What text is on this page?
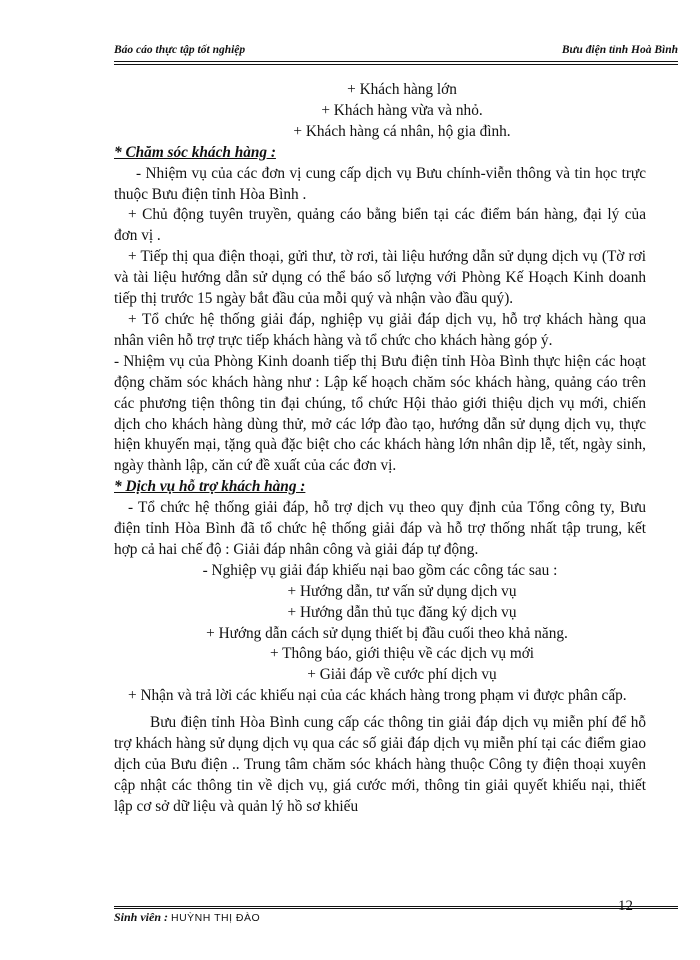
Báo cáo thực tập tốt nghiệp	Bưu điện tỉnh Hoà Bình

+ Khách hàng lớn

+ Khách hàng vừa và nhỏ.

+ Khách hàng cá nhân, hộ gia đình.

* Chăm sóc khách hàng :

- Nhiệm vụ của các đơn vị cung cấp dịch vụ Bưu chính-viễn thông và tin học trực thuộc Bưu điện tỉnh Hòa Bình .

+ Chủ động tuyên truyền, quảng cáo bằng biển tại các điểm bán hàng, đại lý của đơn vị .

+ Tiếp thị qua điện thoại, gửi thư, tờ rơi, tài liệu hướng dẫn sử dụng dịch vụ (Tờ rơi và tài liệu hướng dẫn sử dụng có thể báo số lượng với Phòng Kế Hoạch Kinh doanh tiếp thị trước 15 ngày bắt đầu của mỗi quý và nhận vào đầu quý).

+ Tổ chức hệ thống giải đáp, nghiệp vụ giải đáp dịch vụ, hỗ trợ khách hàng qua nhân viên hỗ trợ trực tiếp khách hàng và tổ chức cho khách hàng góp ý.

- Nhiệm vụ của Phòng Kinh doanh tiếp thị Bưu điện tỉnh Hòa Bình thực hiện các hoạt động chăm sóc khách hàng như : Lập kế hoạch chăm sóc khách hàng, quảng cáo trên các phương tiện thông tin đại chúng, tổ chức Hội thảo giới thiệu dịch vụ mới, chiến dịch cho khách hàng dùng thử, mở các lớp đào tạo, hướng dẫn sử dụng dịch vụ, thực hiện khuyến mại, tặng quà đặc biệt cho các khách hàng lớn nhân dịp lễ, tết, ngày sinh, ngày thành lập, căn cứ đề xuất của các đơn vị.

* Dịch vụ hỗ trợ khách hàng :

- Tổ chức hệ thống giải đáp, hỗ trợ dịch vụ theo quy định của Tổng công ty, Bưu điện tỉnh Hòa Bình đã tổ chức hệ thống giải đáp và hỗ trợ thống nhất tập trung, kết hợp cả hai chế độ : Giải đáp nhân công và giải đáp tự động.

- Nghiệp vụ giải đáp khiếu nại bao gồm các công tác sau :

+ Hướng dẫn, tư vấn sử dụng dịch vụ

+ Hướng dẫn thủ tục đăng ký dịch vụ

+ Hướng dẫn cách sử dụng thiết bị đầu cuối theo khả năng.

+ Thông báo, giới thiệu về các dịch vụ mới

+ Giải đáp về cước phí dịch vụ

+ Nhận và trả lời các khiếu nại của các khách hàng trong phạm vi được phân cấp.

Bưu điện tỉnh Hòa Bình cung cấp các thông tin giải đáp dịch vụ miễn phí để hỗ trợ khách hàng sử dụng dịch vụ qua các số giải đáp dịch vụ miễn phí tại các điểm giao dịch của Bưu điện .. Trung tâm chăm sóc khách hàng thuộc Công ty điện thoại xuyên cập nhật các thông tin về dịch vụ, giá cước mới, thông tin giải quyết khiếu nại, thiết lập cơ sở dữ liệu và quản lý hồ sơ khiếu

12
Sinh viên : HUỲNH THỊ ĐÀO
